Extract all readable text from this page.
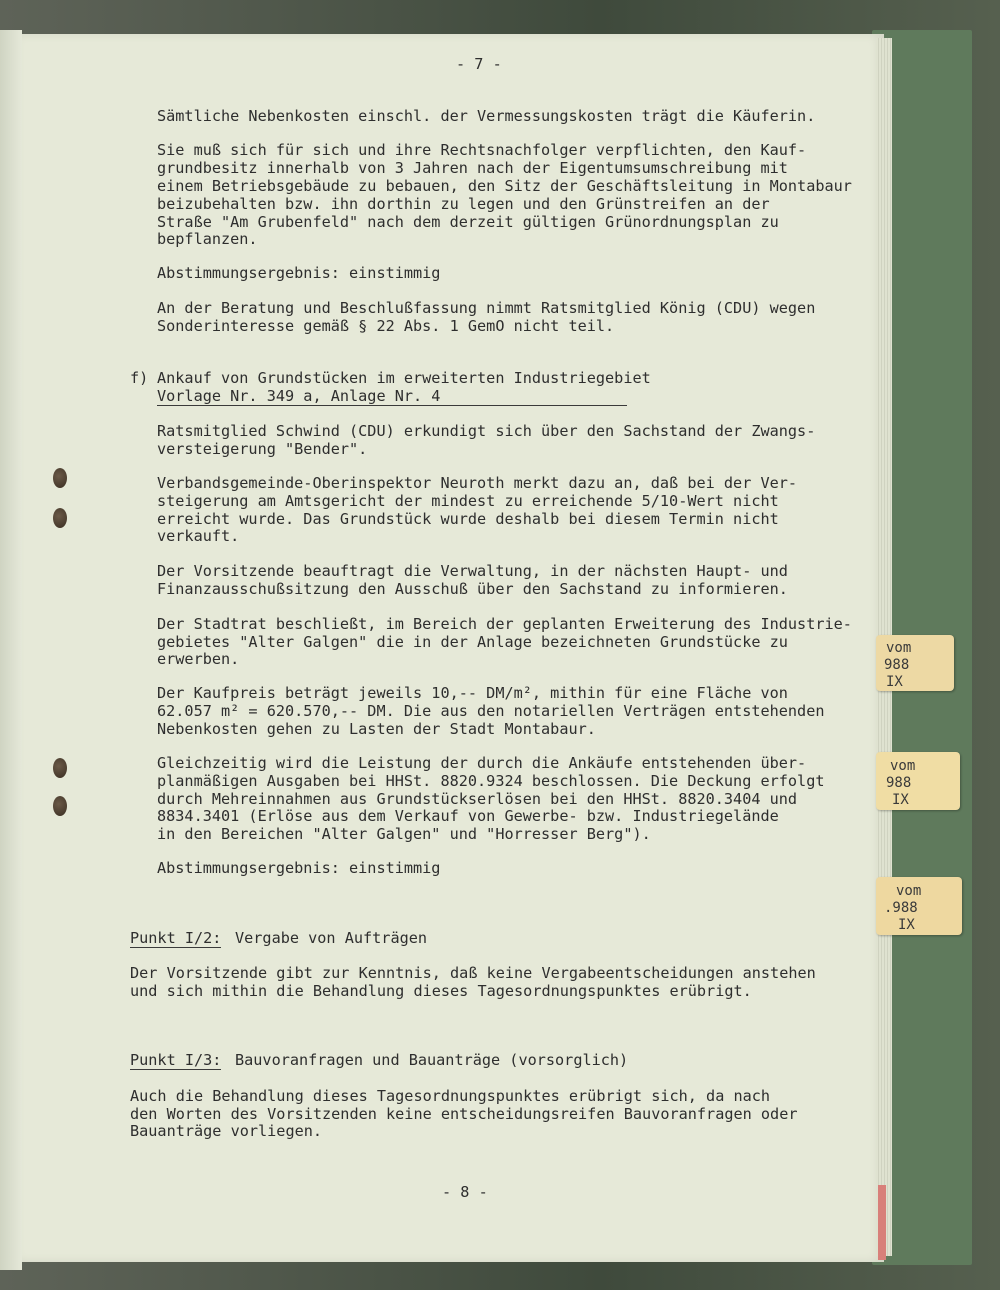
- 7 -

Sämtliche Nebenkosten einschl. der Vermessungskosten trägt die Käuferin.

Sie muß sich für sich und ihre Rechtsnachfolger verpflichten, den Kauf-

grundbesitz innerhalb von 3 Jahren nach der Eigentumsumschreibung mit

einem Betriebsgebäude zu bebauen, den Sitz der Geschäftsleitung in Montabaur

beizubehalten bzw. ihn dorthin zu legen und den Grünstreifen an der

Straße "Am Grubenfeld" nach dem derzeit gültigen Grünordnungsplan zu

bepflanzen.

Abstimmungsergebnis: einstimmig

An der Beratung und Beschlußfassung nimmt Ratsmitglied König (CDU) wegen

Sonderinteresse gemäß § 22 Abs. 1 GemO nicht teil.

f)

Ankauf von Grundstücken im erweiterten Industriegebiet

Vorlage Nr. 349 a, Anlage Nr. 4

Ratsmitglied Schwind (CDU) erkundigt sich über den Sachstand der Zwangs-

versteigerung "Bender".

Verbandsgemeinde-Oberinspektor Neuroth merkt dazu an, daß bei der Ver-

steigerung am Amtsgericht der mindest zu erreichende 5/10-Wert nicht

erreicht wurde. Das Grundstück wurde deshalb bei diesem Termin nicht

verkauft.

Der Vorsitzende beauftragt die Verwaltung, in der nächsten Haupt- und

Finanzausschußsitzung den Ausschuß über den Sachstand zu informieren.

Der Stadtrat beschließt, im Bereich der geplanten Erweiterung des Industrie-

gebietes "Alter Galgen" die in der Anlage bezeichneten Grundstücke zu

erwerben.

Der Kaufpreis beträgt jeweils 10,-- DM/m², mithin für eine Fläche von

62.057 m² = 620.570,-- DM. Die aus den notariellen Verträgen entstehenden

Nebenkosten gehen zu Lasten der Stadt Montabaur.

Gleichzeitig wird die Leistung der durch die Ankäufe entstehenden über-

planmäßigen Ausgaben bei HHSt. 8820.9324 beschlossen. Die Deckung erfolgt

durch Mehreinnahmen aus Grundstückserlösen bei den HHSt. 8820.3404 und

8834.3401 (Erlöse aus dem Verkauf von Gewerbe- bzw. Industriegelände

in den Bereichen "Alter Galgen" und "Horresser Berg").

Abstimmungsergebnis: einstimmig

Punkt I/2:

Vergabe von Aufträgen

Der Vorsitzende gibt zur Kenntnis, daß keine Vergabeentscheidungen anstehen

und sich mithin die Behandlung dieses Tagesordnungspunktes erübrigt.

Punkt I/3:

Bauvoranfragen und Bauanträge (vorsorglich)

Auch die Behandlung dieses Tagesordnungspunktes erübrigt sich, da nach

den Worten des Vorsitzenden keine entscheidungsreifen Bauvoranfragen oder

Bauanträge vorliegen.

- 8 -

vom
988
IX
vom
988
IX
vom
.988
IX
